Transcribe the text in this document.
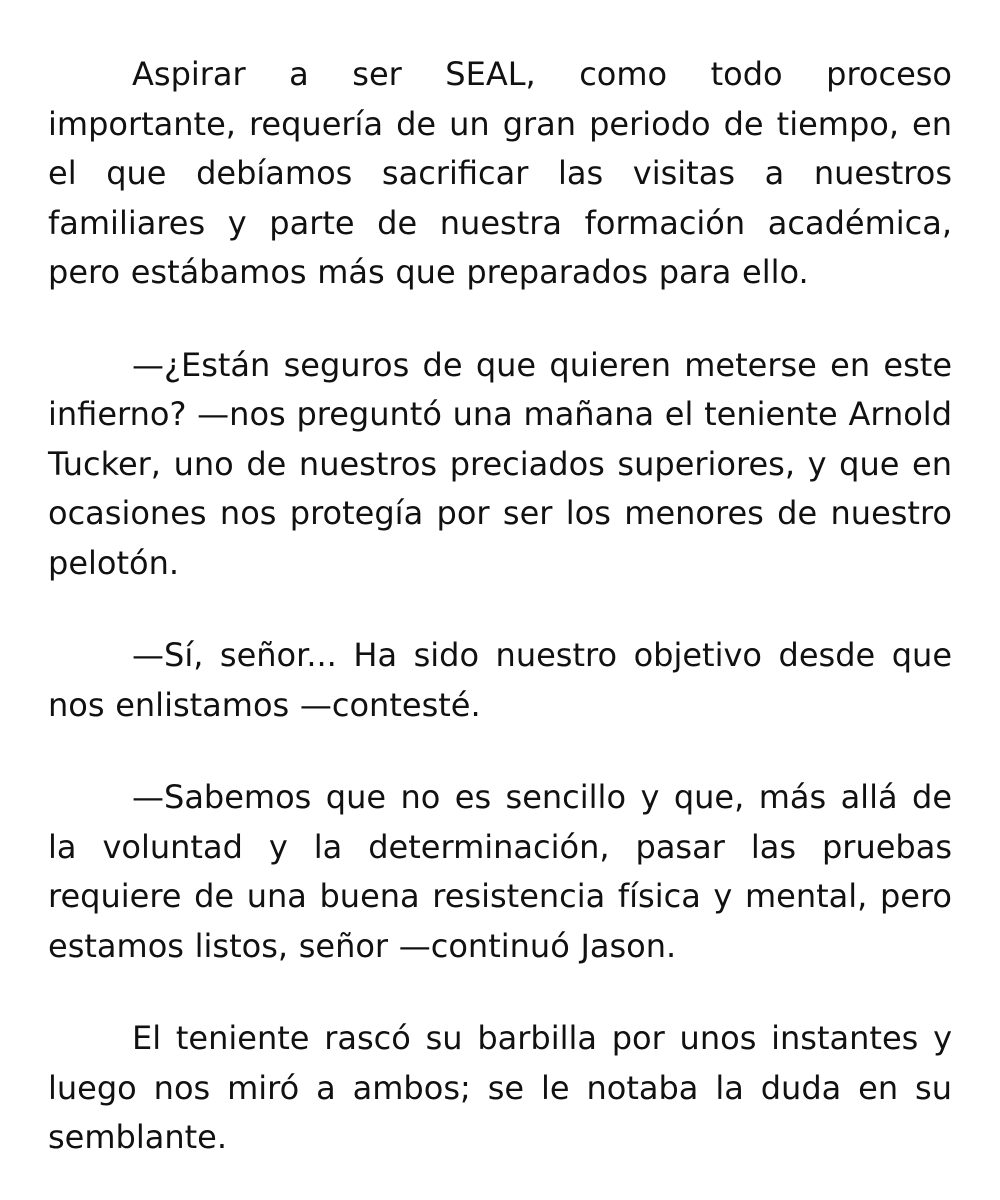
Aspirar a ser SEAL, como todo proceso importante, requería de un gran periodo de tiempo, en el que debíamos sacrificar las visitas a nuestros familiares y parte de nuestra formación académica, pero estábamos más que preparados para ello.

—¿Están seguros de que quieren meterse en este infierno? —nos preguntó una mañana el teniente Arnold Tucker, uno de nuestros preciados superiores, y que en ocasiones nos protegía por ser los menores de nuestro pelotón.

—Sí, señor... Ha sido nuestro objetivo desde que nos enlistamos —contesté.

—Sabemos que no es sencillo y que, más allá de la voluntad y la determinación, pasar las pruebas requiere de una buena resistencia física y mental, pero estamos listos, señor —continuó Jason.

El teniente rascó su barbilla por unos instantes y luego nos miró a ambos; se le notaba la duda en su semblante.
